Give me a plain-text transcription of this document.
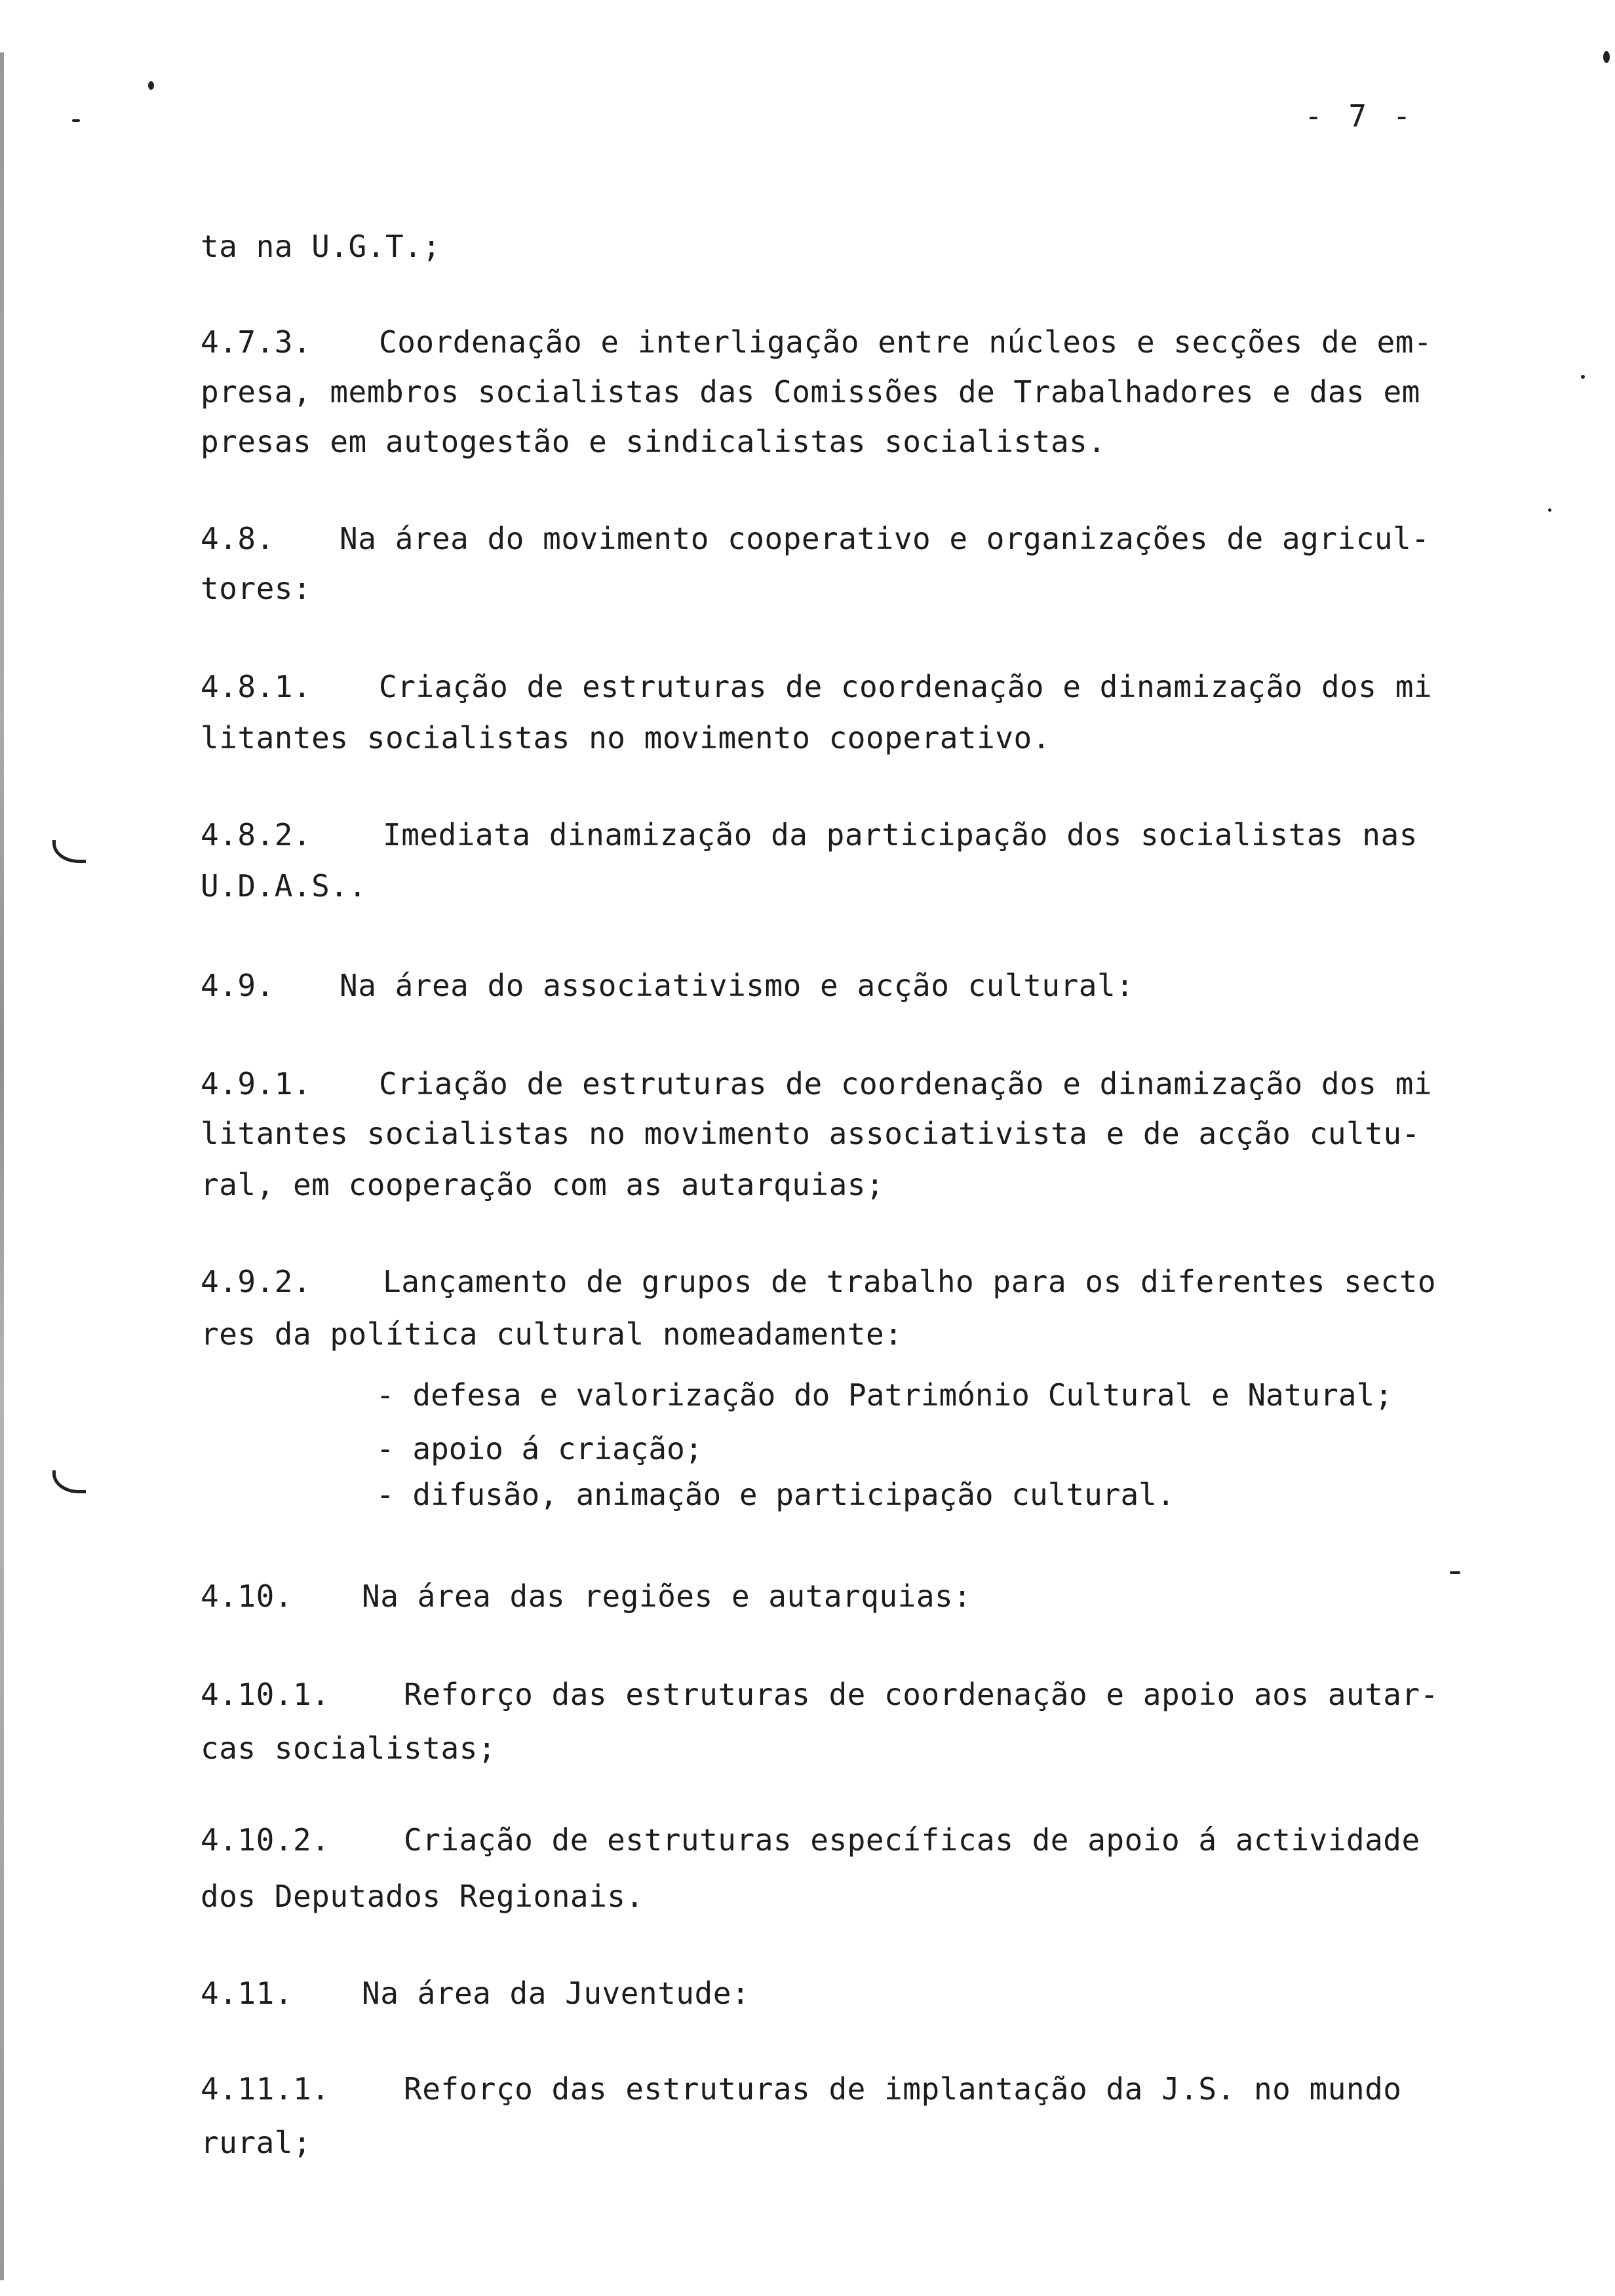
- 7 -
ta na U.G.T.;
4.7.3. Coordenação e interligação entre núcleos e secções de em-
presa, membros socialistas das Comissões de Trabalhadores e das em
presas em autogestão e sindicalistas socialistas.
4.8. Na área do movimento cooperativo e organizações de agricul-
tores:
4.8.1. Criação de estruturas de coordenação e dinamização dos mi
litantes socialistas no movimento cooperativo.
4.8.2. Imediata dinamização da participação dos socialistas nas
U.D.A.S..
4.9. Na área do associativismo e acção cultural:
4.9.1. Criação de estruturas de coordenação e dinamização dos mi
litantes socialistas no movimento associativista e de acção cultu-
ral, em cooperação com as autarquias;
4.9.2. Lançamento de grupos de trabalho para os diferentes secto
res da política cultural nomeadamente:
- defesa e valorização do Património Cultural e Natural;
- apoio á criação;
- difusão, animação e participação cultural.
4.10. Na área das regiões e autarquias:
4.10.1. Reforço das estruturas de coordenação e apoio aos autar-
cas socialistas;
4.10.2. Criação de estruturas específicas de apoio á actividade
dos Deputados Regionais.
4.11. Na área da Juventude:
4.11.1. Reforço das estruturas de implantação da J.S. no mundo
rural;
